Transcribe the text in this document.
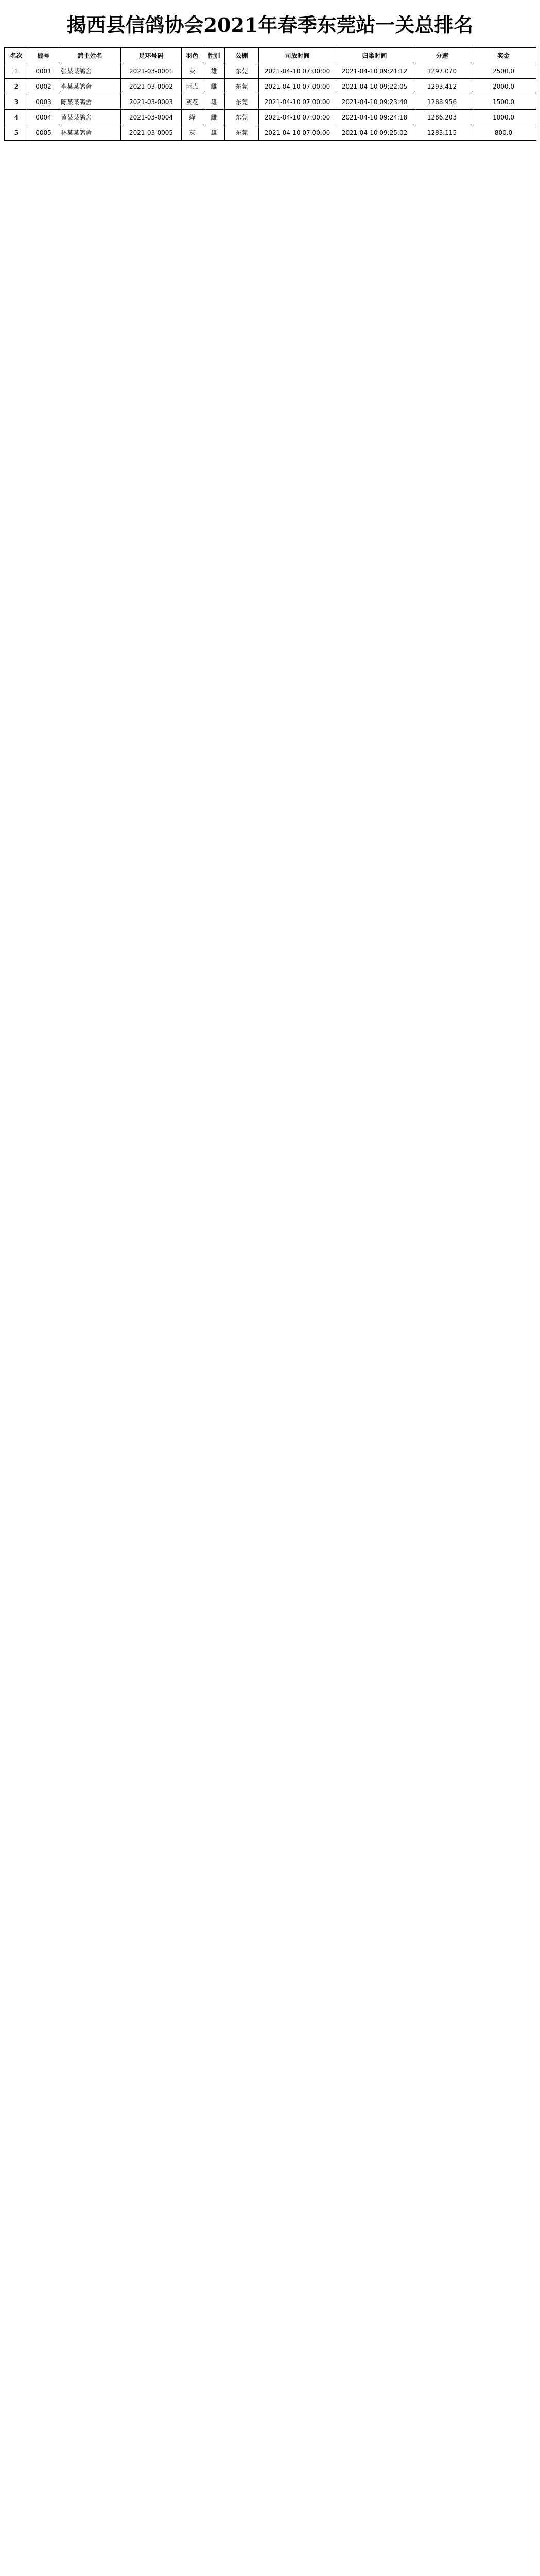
揭西县信鸽协会2021年春季东莞站一关总排名
名次	棚号	鸽主姓名	足环号码	羽色	性别	公棚	司放时间	归巢时间	分速	奖金
1	0001	张某某鸽舍	2021-03-0001	灰	雄	东莞	2021-04-10 07:00:00	2021-04-10 09:21:12	1297.070	2500.0
2	0002	李某某鸽舍	2021-03-0002	雨点	雌	东莞	2021-04-10 07:00:00	2021-04-10 09:22:05	1293.412	2000.0
3	0003	陈某某鸽舍	2021-03-0003	灰花	雄	东莞	2021-04-10 07:00:00	2021-04-10 09:23:40	1288.956	1500.0
4	0004	黄某某鸽舍	2021-03-0004	绛	雌	东莞	2021-04-10 07:00:00	2021-04-10 09:24:18	1286.203	1000.0
5	0005	林某某鸽舍	2021-03-0005	灰	雄	东莞	2021-04-10 07:00:00	2021-04-10 09:25:02	1283.115	800.0
